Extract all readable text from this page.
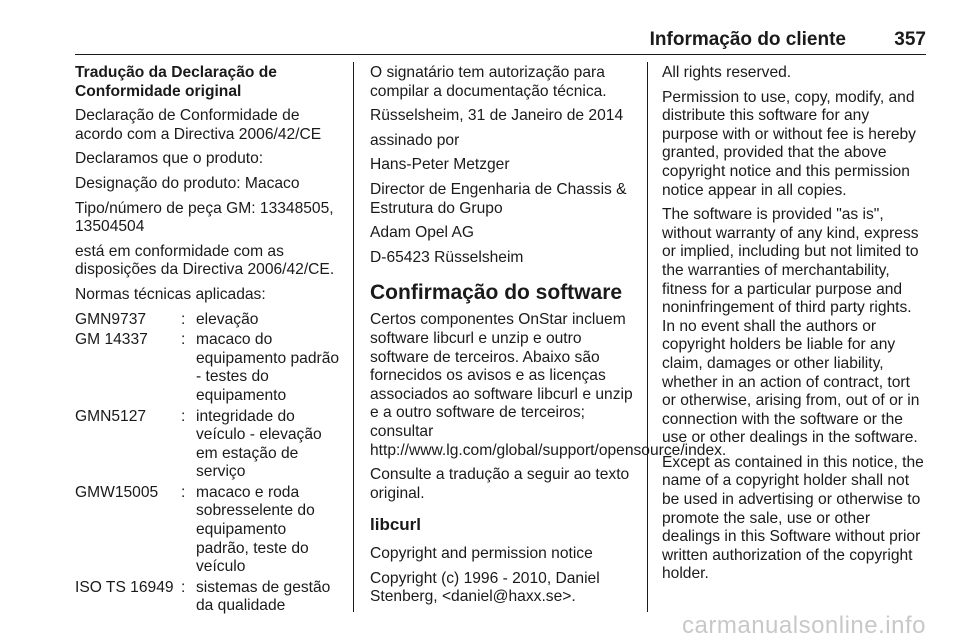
Informação do cliente	357

Tradução da Declaração de
Conformidade original

Declaração de Conformidade de acordo com a Directiva 2006/42/CE

Declaramos que o produto:

Designação do produto: Macaco

Tipo/número de peça GM: 13348505, 13504504

está em conformidade com as disposições da Directiva 2006/42/CE.

Normas técnicas aplicadas:

GMN9737	:	elevação
GM 14337	:	macaco do equipamento padrão - testes do equipamento
GMN5127	:	integridade do veículo - elevação em estação de serviço
GMW15005	:	macaco e roda sobresselente do equipamento padrão, teste do veículo
ISO TS 16949	:	sistemas de gestão da qualidade

O signatário tem autorização para compilar a documentação técnica.

Rüsselsheim, 31 de Janeiro de 2014

assinado por

Hans-Peter Metzger

Director de Engenharia de Chassis & Estrutura do Grupo

Adam Opel AG

D-65423 Rüsselsheim

Confirmação do software

Certos componentes OnStar incluem software libcurl e unzip e outro software de terceiros. Abaixo são fornecidos os avisos e as licenças associados ao software libcurl e unzip e a outro software de terceiros; consultar http://www.lg.com/global/support/opensource/index.

Consulte a tradução a seguir ao texto original.

libcurl

Copyright and permission notice

Copyright (c) 1996 - 2010, Daniel Stenberg, <daniel@haxx.se>.

All rights reserved.

Permission to use, copy, modify, and distribute this software for any purpose with or without fee is hereby granted, provided that the above copyright notice and this permission notice appear in all copies.

The software is provided "as is", without warranty of any kind, express or implied, including but not limited to the warranties of merchantability, fitness for a particular purpose and noninfringement of third party rights. In no event shall the authors or copyright holders be liable for any claim, damages or other liability, whether in an action of contract, tort or otherwise, arising from, out of or in connection with the software or the use or other dealings in the software.

Except as contained in this notice, the name of a copyright holder shall not be used in advertising or otherwise to promote the sale, use or other dealings in this Software without prior written authorization of the copyright holder.

carmanualsonline.info
